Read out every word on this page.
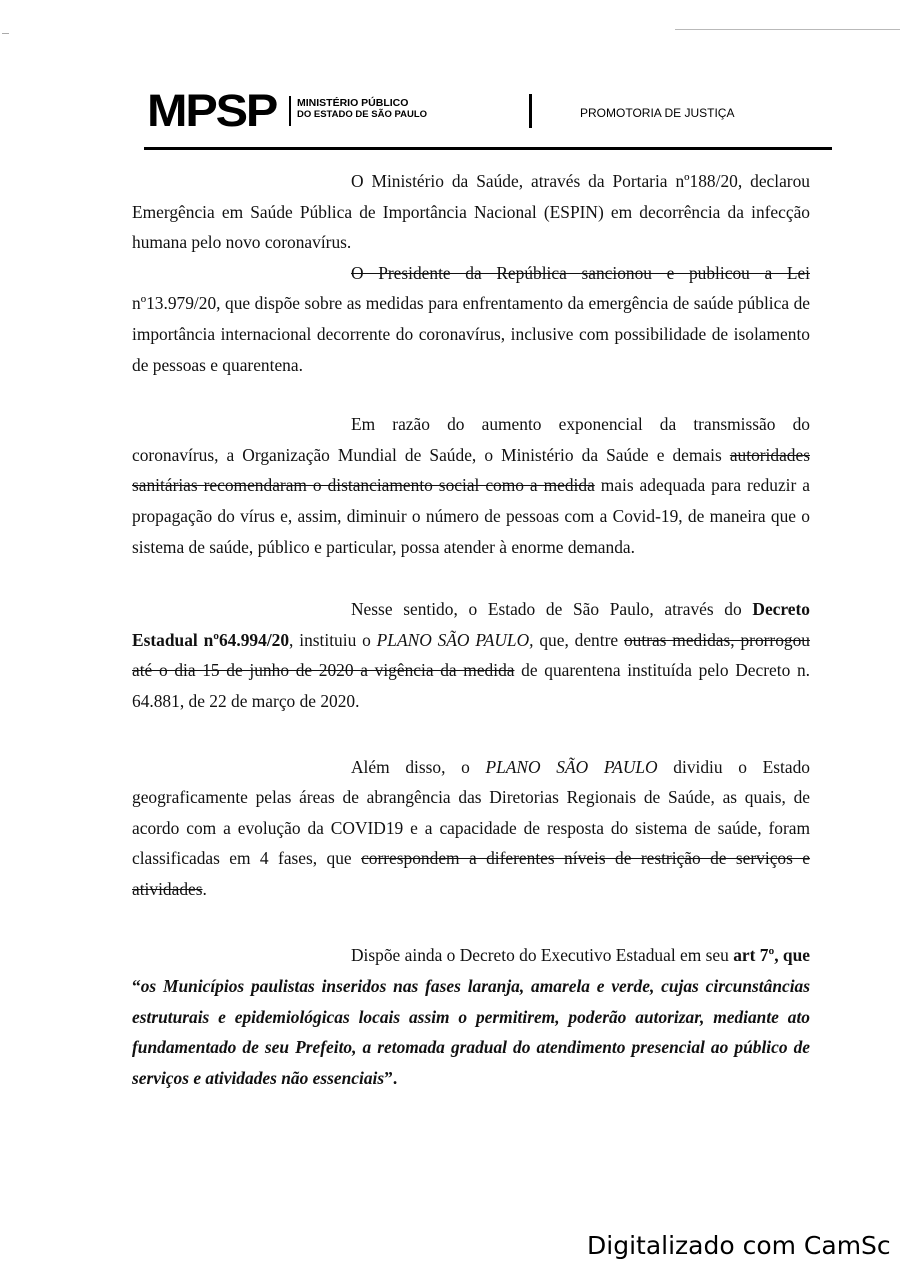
MPSP MINISTÉRIO PÚBLICO
DO ESTADO DE SÃO PAULO	PROMOTORIA DE JUSTIÇA

O Ministério da Saúde, através da Portaria nº188/20, declarou Emergência em Saúde Pública de Importância Nacional (ESPIN) em decorrência da infecção humana pelo novo coronavírus.

O Presidente da República sancionou e publicou a Lei nº13.979/20, que dispõe sobre as medidas para enfrentamento da emergência de saúde pública de importância internacional decorrente do coronavírus, inclusive com possibilidade de isolamento de pessoas e quarentena.

Em razão do aumento exponencial da transmissão do coronavírus, a Organização Mundial de Saúde, o Ministério da Saúde e demais autoridades sanitárias recomendaram o distanciamento social como a medida mais adequada para reduzir a propagação do vírus e, assim, diminuir o número de pessoas com a Covid-19, de maneira que o sistema de saúde, público e particular, possa atender à enorme demanda.

Nesse sentido, o Estado de São Paulo, através do Decreto Estadual nº64.994/20, instituiu o PLANO SÃO PAULO, que, dentre outras medidas, prorrogou até o dia 15 de junho de 2020 a vigência da medida de quarentena instituída pelo Decreto n. 64.881, de 22 de março de 2020.

Além disso, o PLANO SÃO PAULO dividiu o Estado geograficamente pelas áreas de abrangência das Diretorias Regionais de Saúde, as quais, de acordo com a evolução da COVID19 e a capacidade de resposta do sistema de saúde, foram classificadas em 4 fases, que correspondem a diferentes níveis de restrição de serviços e atividades.

Dispõe ainda o Decreto do Executivo Estadual em seu art 7º, que “os Municípios paulistas inseridos nas fases laranja, amarela e verde, cujas circunstâncias estruturais e epidemiológicas locais assim o permitirem, poderão autorizar, mediante ato fundamentado de seu Prefeito, a retomada gradual do atendimento presencial ao público de serviços e atividades não essenciais”.

Digitalizado com CamSc
